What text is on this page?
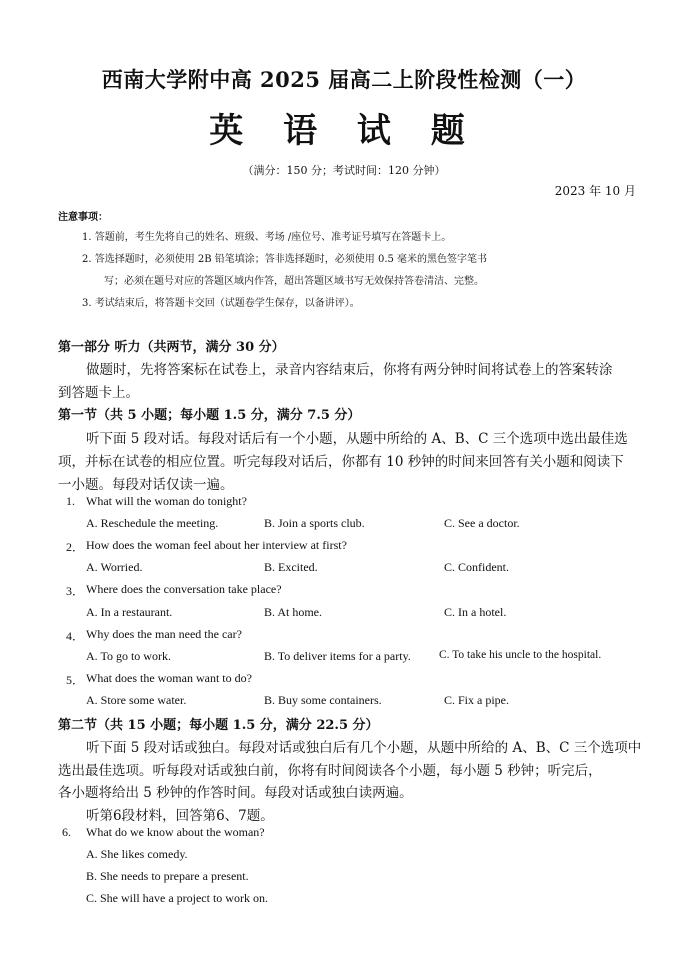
西南大学附中高 2025 届高二上阶段性检测（一）
英 语 试 题
（满分：150 分；考试时间：120 分钟）
2023 年 10 月
注意事项：
1. 答题前，考生先将自己的姓名、班级、考场 /座位号、准考证号填写在答题卡上。
2. 答选择题时，必须使用 2B 铅笔填涂；答非选择题时，必须使用 0.5 毫米的黑色签字笔书
写；必须在题号对应的答题区域内作答，超出答题区域书写无效保持答卷清洁、完整。
3. 考试结束后，将答题卡交回（试题卷学生保存，以备讲评）。
第一部分 听力（共两节，满分 30 分）
做题时，先将答案标在试卷上，录音内容结束后，你将有两分钟时间将试卷上的答案转涂
到答题卡上。
第一节（共 5 小题；每小题 1.5 分，满分 7.5 分）
听下面 5 段对话。每段对话后有一个小题，从题中所给的 A、B、C 三个选项中选出最佳选
项，并标在试卷的相应位置。听完每段对话后，你都有 10 秒钟的时间来回答有关小题和阅读下
一小题。每段对话仅读一遍。
1. What will the woman do tonight?
A. Reschedule the meeting.	B. Join a sports club.	C. See a doctor.
2． How does the woman feel about her interview at first?
A. Worried.	B. Excited.	C. Confident.
3． Where does the conversation take place?
A. In a restaurant.	B. At home.	C. In a hotel.
4． Why does the man need the car?
A. To go to work.	B. To deliver items for a party. C. To take his uncle to the hospital.
5． What does the woman want to do?
A. Store some water.	B. Buy some containers.	C. Fix a pipe.
第二节（共 15 小题；每小题 1.5 分，满分 22.5 分）
听下面 5 段对话或独白。每段对话或独白后有几个小题，从题中所给的 A、B、C 三个选项中
选出最佳选项。听每段对话或独白前，你将有时间阅读各个小题，每小题 5 秒钟；听完后，
各小题将给出 5 秒钟的作答时间。每段对话或独白读两遍。
听第6段材料，回答第6、7题。
6. What do we know about the woman?
A. She likes comedy.
B. She needs to prepare a present.
C. She will have a project to work on.
